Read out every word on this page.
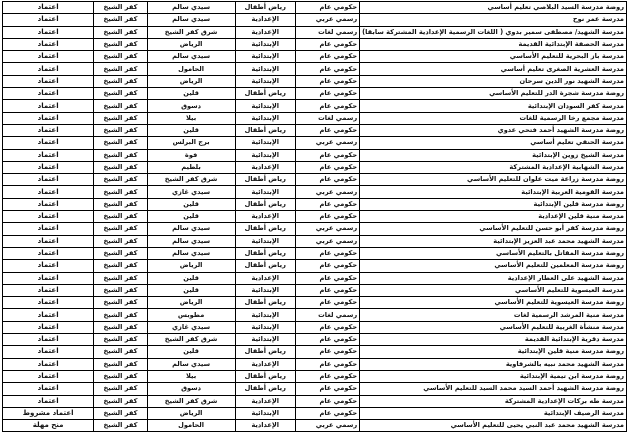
اعتماد	كفر الشيخ	سيدي سالم	رياض أطفال	حكومي عام	روضة مدرسة السيد البلاصي تعليم أساسي
اعتماد	كفر الشيخ	سيدي سالم	الإعدادية	رسمي عربي	مدرسة عمر نوح
اعتماد	كفر الشيخ	شرق كفر الشيخ	الإعدادية	رسمي لغات	مدرسة الشهيد/ مصطفى سمير بدوي ( اللغات الرسمية الإعدادية المشتركة سابقا)
اعتماد	كفر الشيخ	الرياض	الإبتدائية	حكومي عام	مدرسة الحصفة الإبتدائية القديمة
اعتماد	كفر الشيخ	سيدي سالم	الإبتدائية	حكومي عام	مدرسة باز البحرية للتعليم الأساسي
اعتماد	كفر الشيخ	الحامول	الإبتدائية	حكومي عام	مدرسة العشرية الصغرى تعليم أساسي
اعتماد	كفر الشيخ	الرياض	الإبتدائية	حكومي عام	مدرسة الشهيد نور الدين سرحان
اعتماد	كفر الشيخ	قلين	رياض أطفال	حكومي عام	روضة مدرسة شجرة الدر للتعليم الأساسي
اعتماد	كفر الشيخ	دسوق	الإبتدائية	حكومي عام	مدرسة كفر السودان الإبتدائية
اعتماد	كفر الشيخ	بيلا	الإبتدائية	رسمي لغات	مدرسة مجمع رخا الرسمية للغات
اعتماد	كفر الشيخ	قلين	رياض أطفال	حكومي عام	روضة مدرسة الشهيد أحمد فتحي عدوي
اعتماد	كفر الشيخ	برج البرلس	الإبتدائية	رسمي عربي	مدرسة الحنفي تعليم أساسي
اعتماد	كفر الشيخ	فوة	الإبتدائية	حكومي عام	مدرسة الشيخ زوين الإبتدائية
اعتماد	كفر الشيخ	بلطيم	الإعدادية	حكومي عام	مدرسة الشهابية الإعدادية المشتركة
اعتماد	كفر الشيخ	شرق كفر الشيخ	رياض أطفال	حكومي عام	روضة مدرسة زراعة ميت علوان للتعليم الأساسي
اعتماد	كفر الشيخ	سيدي غازي	الإبتدائية	رسمي عربي	مدرسة القومية العربية الإبتدائية
اعتماد	كفر الشيخ	قلين	رياض أطفال	حكومي عام	روضة مدرسة قلين الإبتدائية
اعتماد	كفر الشيخ	قلين	الإعدادية	حكومي عام	مدرسة منية قلين الإعدادية
اعتماد	كفر الشيخ	سيدي سالم	رياض أطفال	رسمي عربي	روضة مدرسة كفر أبو حسن للتعليم الأساسي
اعتماد	كفر الشيخ	سيدي سالم	الإبتدائية	رسمي عربي	مدرسة الشهيد محمد عبد العزيز الإبتدائية
اعتماد	كفر الشيخ	سيدي سالم	رياض أطفال	حكومي عام	روضة مدرسة المقاتل بالتعليم الأساسي
اعتماد	كفر الشيخ	الرياض	رياض أطفال	حكومي عام	روضة مدرسة المعلمين للتعليم الأساسي
اعتماد	كفر الشيخ	قلين	الإعدادية	حكومي عام	مدرسة الشهيد على العطار الإعدادية
اعتماد	كفر الشيخ	قلين	الإبتدائية	حكومي عام	مدرسة العيسوية للتعليم الأساسي
اعتماد	كفر الشيخ	الرياض	رياض أطفال	حكومي عام	روضة مدرسة العيسوية للتعليم الأساسي
اعتماد	كفر الشيخ	مطوبس	الإبتدائية	رسمي لغات	مدرسة منية المرشد الرسمية لغات
اعتماد	كفر الشيخ	سيدي غازي	الإبتدائية	حكومي عام	مدرسة منشأة الغربية للتعليم الأساسي
اعتماد	كفر الشيخ	شرق كفر الشيخ	الإبتدائية	حكومي عام	مدرسة دقرية الإبتدائية القديمة
اعتماد	كفر الشيخ	قلين	رياض أطفال	حكومي عام	روضة مدرسة منية قلين الإبتدائية
اعتماد	كفر الشيخ	سيدي سالم	الإعدادية	حكومي عام	مدرسة الشهيد محمد نبيه بالشرقاوية
اعتماد	كفر الشيخ	بيلا	رياض أطفال	حكومي عام	روضة مدرسة ابن تيمية الإبتدائية
اعتماد	كفر الشيخ	دسوق	رياض أطفال	حكومي عام	روضة مدرسة الشهيد أحمد السيد محمد السيد للتعليم الأساسي
اعتماد	كفر الشيخ	شرق كفر الشيخ	الإعدادية	حكومي عام	مدرسة طه بركات الإعدادية المشتركة
اعتماد مشروط	كفر الشيخ	الرياض	الإبتدائية	حكومي عام	مدرسة الرصيف الإبتدائية
منح مهلة	كفر الشيخ	الحامول	الإعدادية	رسمي عربي	مدرسة الشهيد محمد عبد النبي يحيى للتعليم الأساسي
